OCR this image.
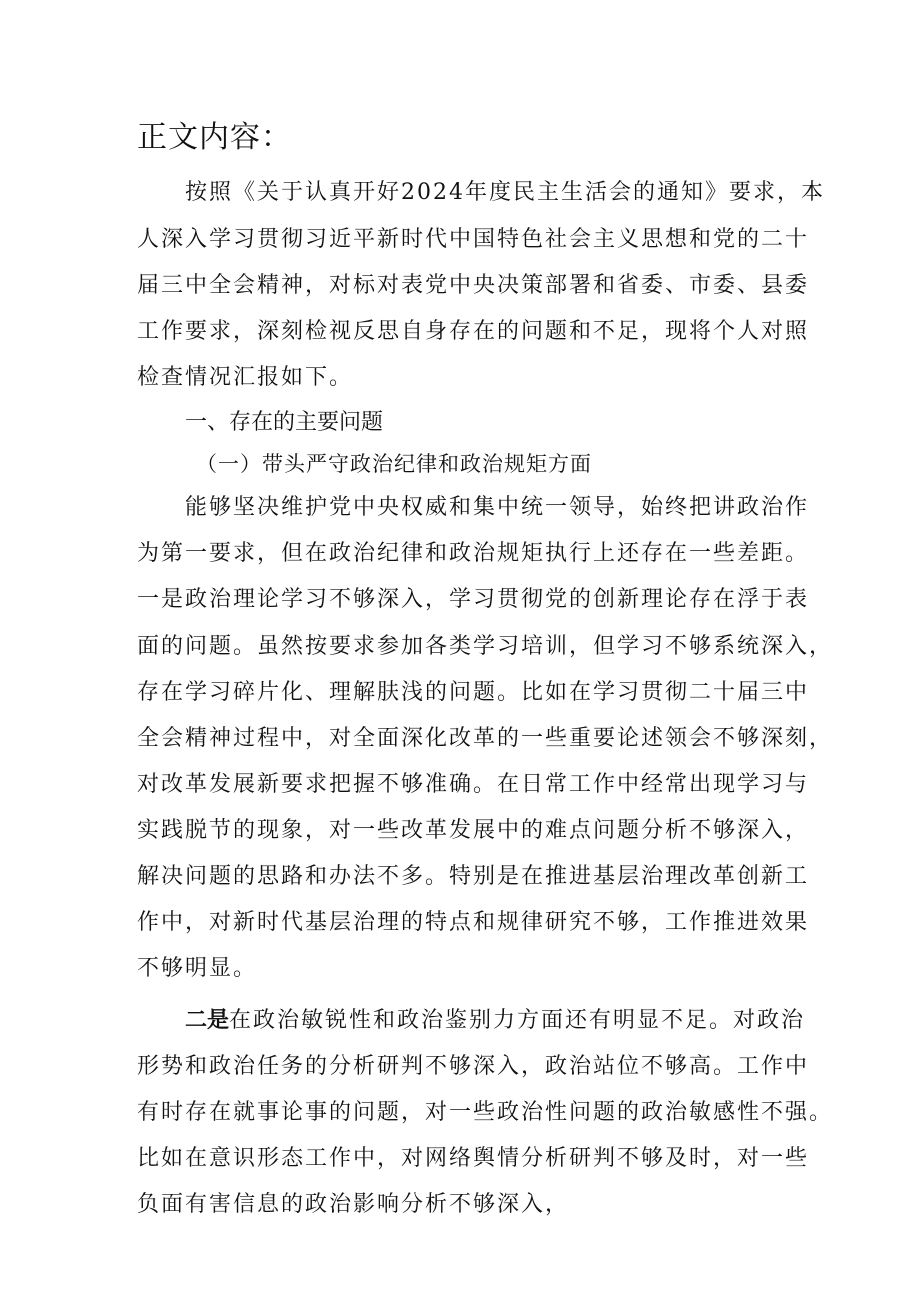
正文内容：
　　按照《关于认真开好2024年度民主生活会的通知》要求，本
人深入学习贯彻习近平新时代中国特色社会主义思想和党的二十
届三中全会精神，对标对表党中央决策部署和省委、市委、县委
工作要求，深刻检视反思自身存在的问题和不足，现将个人对照
检查情况汇报如下。
一、存在的主要问题
（一）带头严守政治纪律和政治规矩方面
　　能够坚决维护党中央权威和集中统一领导，始终把讲政治作
为第一要求，但在政治纪律和政治规矩执行上还存在一些差距。
一是政治理论学习不够深入，学习贯彻党的创新理论存在浮于表
面的问题。虽然按要求参加各类学习培训，但学习不够系统深入，
存在学习碎片化、理解肤浅的问题。比如在学习贯彻二十届三中
全会精神过程中，对全面深化改革的一些重要论述领会不够深刻，
对改革发展新要求把握不够准确。在日常工作中经常出现学习与
实践脱节的现象，对一些改革发展中的难点问题分析不够深入，
解决问题的思路和办法不多。特别是在推进基层治理改革创新工
作中，对新时代基层治理的特点和规律研究不够，工作推进效果
不够明显。
二是在政治敏锐性和政治鉴别力方面还有明显不足。对政治
形势和政治任务的分析研判不够深入，政治站位不够高。工作中
有时存在就事论事的问题，对一些政治性问题的政治敏感性不强。
比如在意识形态工作中，对网络舆情分析研判不够及时，对一些
负面有害信息的政治影响分析不够深入，
